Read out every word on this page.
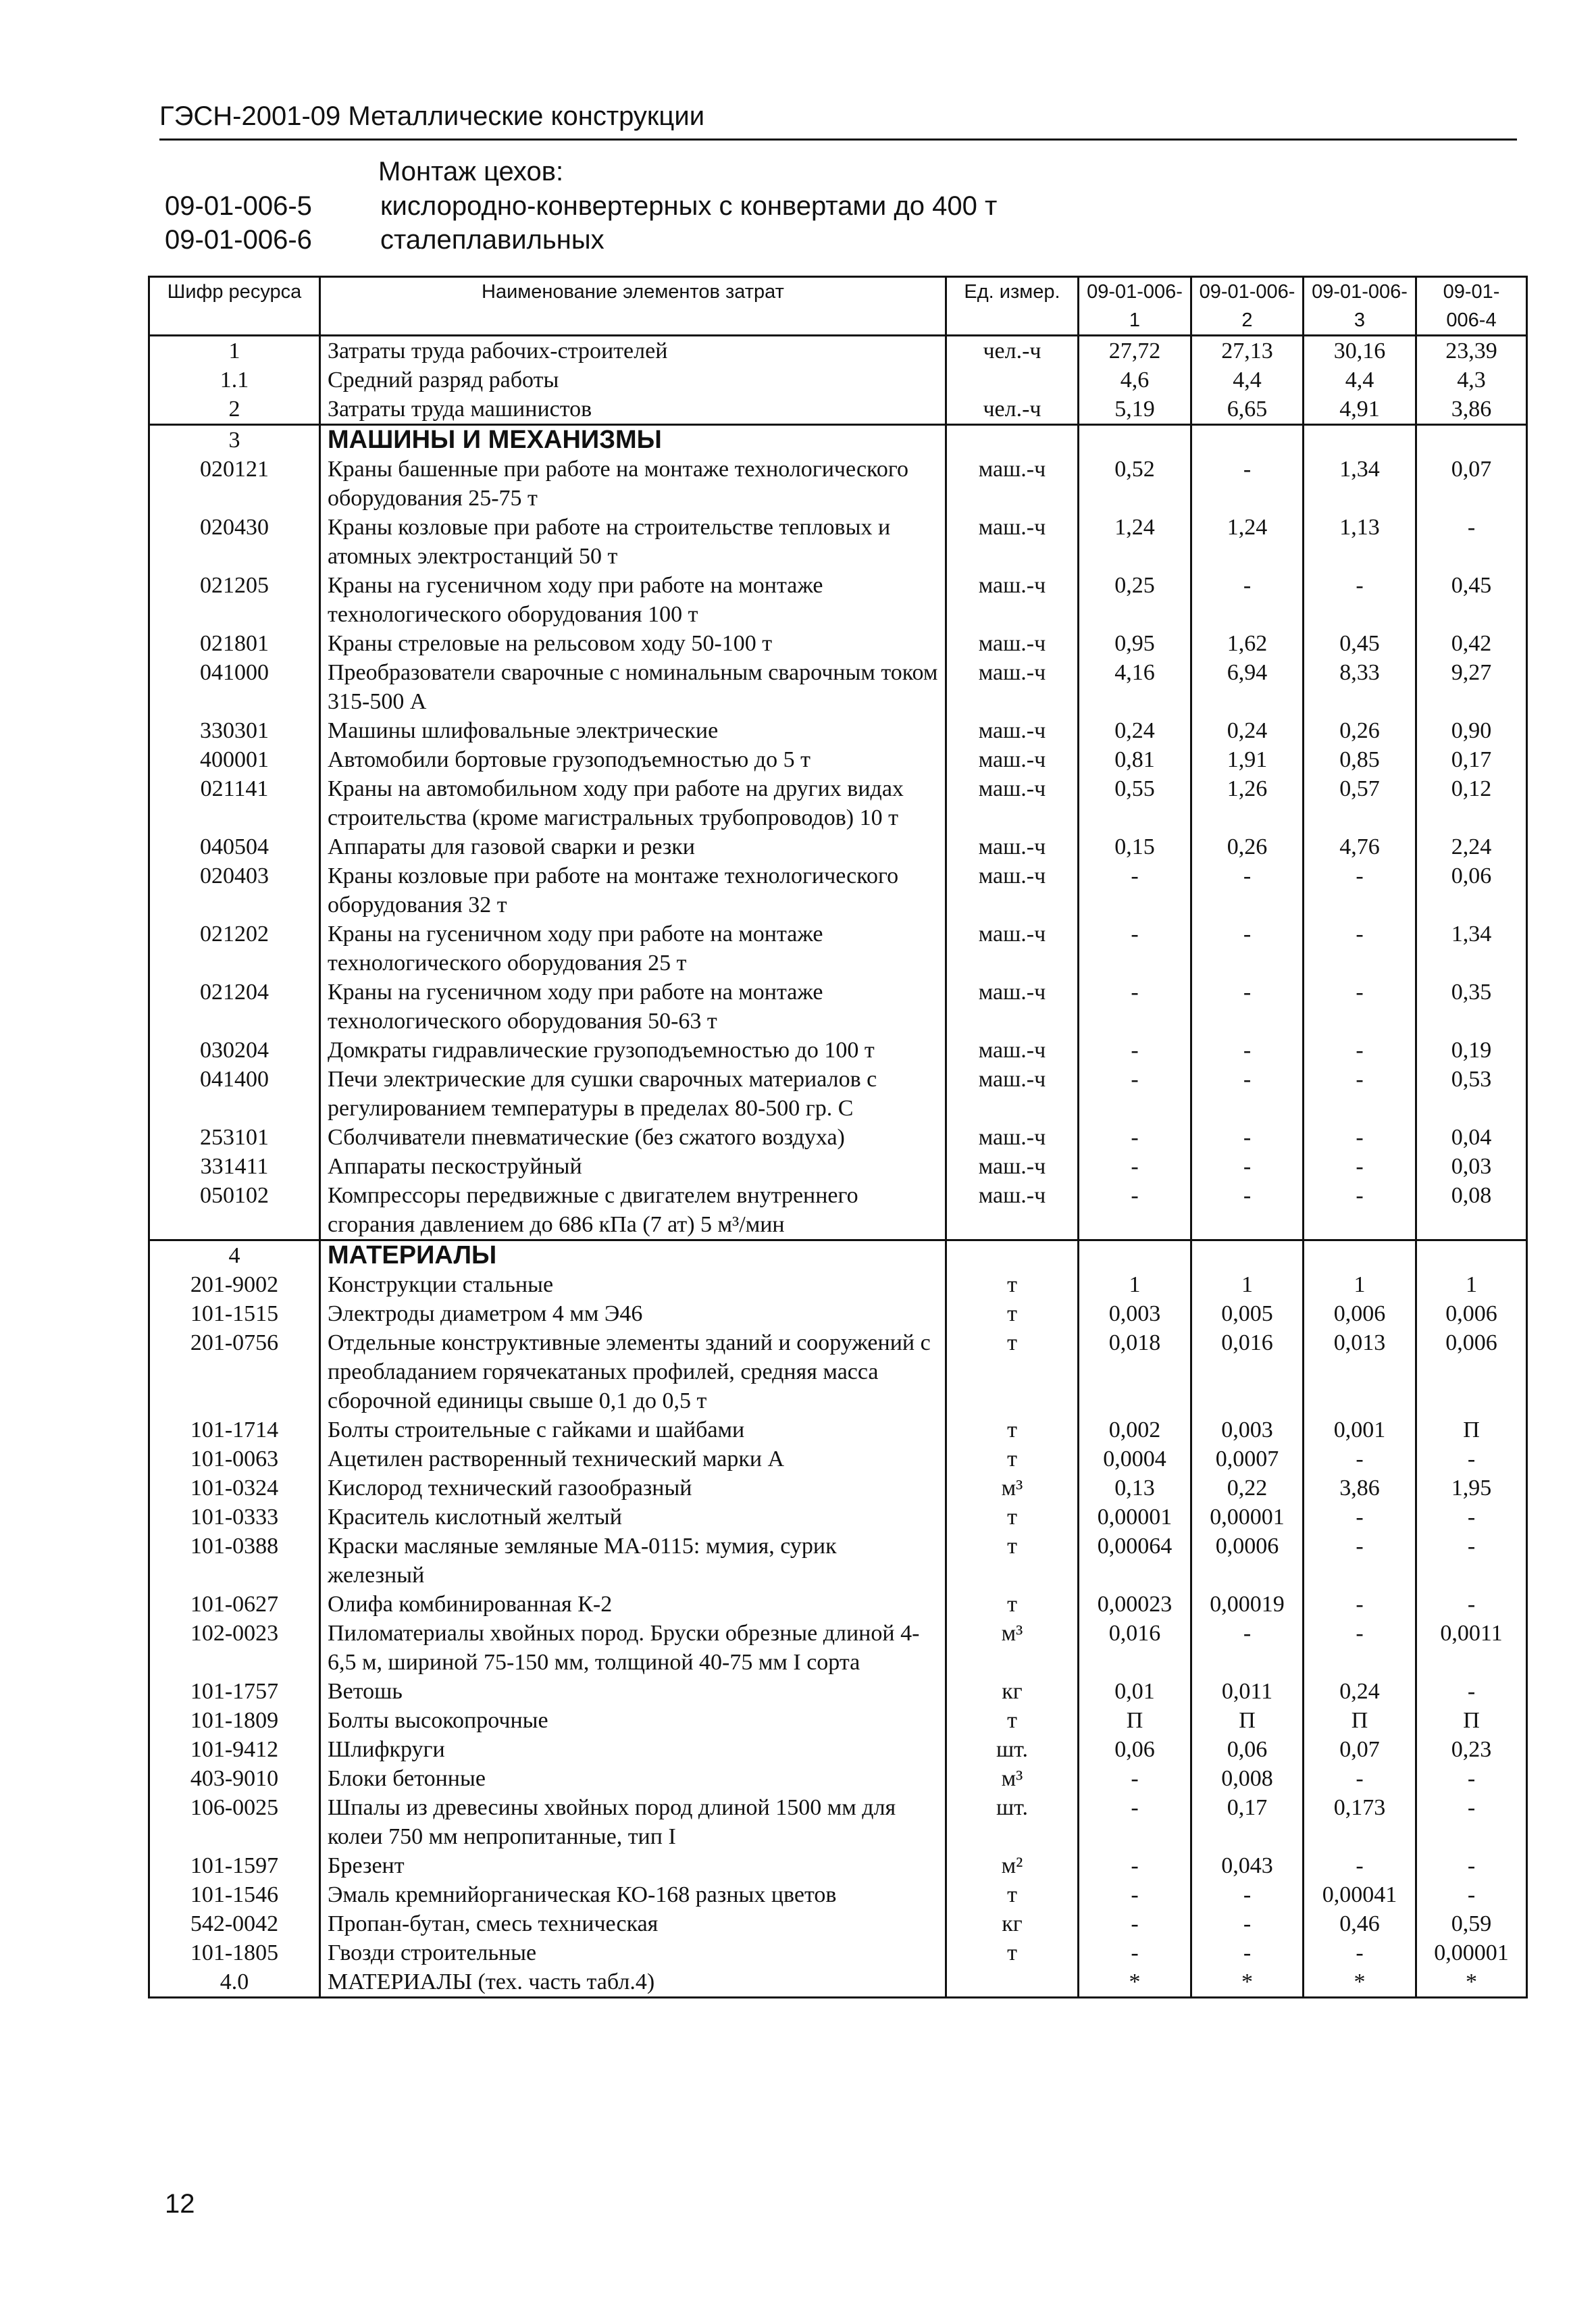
ГЭСН-2001-09 Металлические конструкции
Монтаж цехов:
09-01-006-5	кислородно-конвертерных с конвертами до 400 т
09-01-006-6	сталеплавильных
Шифр ресурса	Наименование элементов затрат	Ед. измер.	09-01-006-1	09-01-006-2	09-01-006-3	09-01-006-4
1	Затраты труда рабочих-строителей	чел.-ч	27,72	27,13	30,16	23,39
1.1	Средний разряд работы		4,6	4,4	4,4	4,3
2	Затраты труда машинистов	чел.-ч	5,19	6,65	4,91	3,86
3	МАШИНЫ И МЕХАНИЗМЫ					
020121	Краны башенные при работе на монтаже технологического оборудования 25-75 т	маш.-ч	0,52	-	1,34	0,07
020430	Краны козловые при работе на строительстве тепловых и атомных электростанций 50 т	маш.-ч	1,24	1,24	1,13	-
021205	Краны на гусеничном ходу при работе на монтаже технологического оборудования 100 т	маш.-ч	0,25	-	-	0,45
021801	Краны стреловые на рельсовом ходу 50-100 т	маш.-ч	0,95	1,62	0,45	0,42
041000	Преобразователи сварочные с номинальным сварочным током 315-500 А	маш.-ч	4,16	6,94	8,33	9,27
330301	Машины шлифовальные электрические	маш.-ч	0,24	0,24	0,26	0,90
400001	Автомобили бортовые грузоподъемностью до 5 т	маш.-ч	0,81	1,91	0,85	0,17
021141	Краны на автомобильном ходу при работе на других видах строительства (кроме магистральных трубопроводов) 10 т	маш.-ч	0,55	1,26	0,57	0,12
040504	Аппараты для газовой сварки и резки	маш.-ч	0,15	0,26	4,76	2,24
020403	Краны козловые при работе на монтаже технологического оборудования 32 т	маш.-ч	-	-	-	0,06
021202	Краны на гусеничном ходу при работе на монтаже технологического оборудования 25 т	маш.-ч	-	-	-	1,34
021204	Краны на гусеничном ходу при работе на монтаже технологического оборудования 50-63 т	маш.-ч	-	-	-	0,35
030204	Домкраты гидравлические грузоподъемностью до 100 т	маш.-ч	-	-	-	0,19
041400	Печи электрические для сушки сварочных материалов с регулированием температуры в пределах 80-500 гр. С	маш.-ч	-	-	-	0,53
253101	Сболчиватели пневматические (без сжатого воздуха)	маш.-ч	-	-	-	0,04
331411	Аппараты пескоструйный	маш.-ч	-	-	-	0,03
050102	Компрессоры передвижные с двигателем внутреннего сгорания давлением до 686 кПа (7 ат) 5 м³/мин	маш.-ч	-	-	-	0,08
4	МАТЕРИАЛЫ					
201-9002	Конструкции стальные	т	1	1	1	1
101-1515	Электроды диаметром 4 мм Э46	т	0,003	0,005	0,006	0,006
201-0756	Отдельные конструктивные элементы зданий и сооружений с преобладанием горячекатаных профилей, средняя масса сборочной единицы свыше 0,1 до 0,5 т	т	0,018	0,016	0,013	0,006
101-1714	Болты строительные с гайками и шайбами	т	0,002	0,003	0,001	П
101-0063	Ацетилен растворенный технический марки А	т	0,0004	0,0007	-	-
101-0324	Кислород технический газообразный	м³	0,13	0,22	3,86	1,95
101-0333	Краситель кислотный желтый	т	0,00001	0,00001	-	-
101-0388	Краски масляные земляные МА-0115: мумия, сурик железный	т	0,00064	0,0006	-	-
101-0627	Олифа комбинированная К-2	т	0,00023	0,00019	-	-
102-0023	Пиломатериалы хвойных пород. Бруски обрезные длиной 4-6,5 м, шириной 75-150 мм, толщиной 40-75 мм I сорта	м³	0,016	-	-	0,0011
101-1757	Ветошь	кг	0,01	0,011	0,24	-
101-1809	Болты высокопрочные	т	П	П	П	П
101-9412	Шлифкруги	шт.	0,06	0,06	0,07	0,23
403-9010	Блоки бетонные	м³	-	0,008	-	-
106-0025	Шпалы из древесины хвойных пород длиной 1500 мм для колеи 750 мм непропитанные, тип I	шт.	-	0,17	0,173	-
101-1597	Брезент	м²	-	0,043	-	-
101-1546	Эмаль кремнийорганическая КО-168 разных цветов	т	-	-	0,00041	-
542-0042	Пропан-бутан, смесь техническая	кг	-	-	0,46	0,59
101-1805	Гвозди строительные	т	-	-	-	0,00001
4.0	МАТЕРИАЛЫ (тех. часть табл.4)		*	*	*	*
12
